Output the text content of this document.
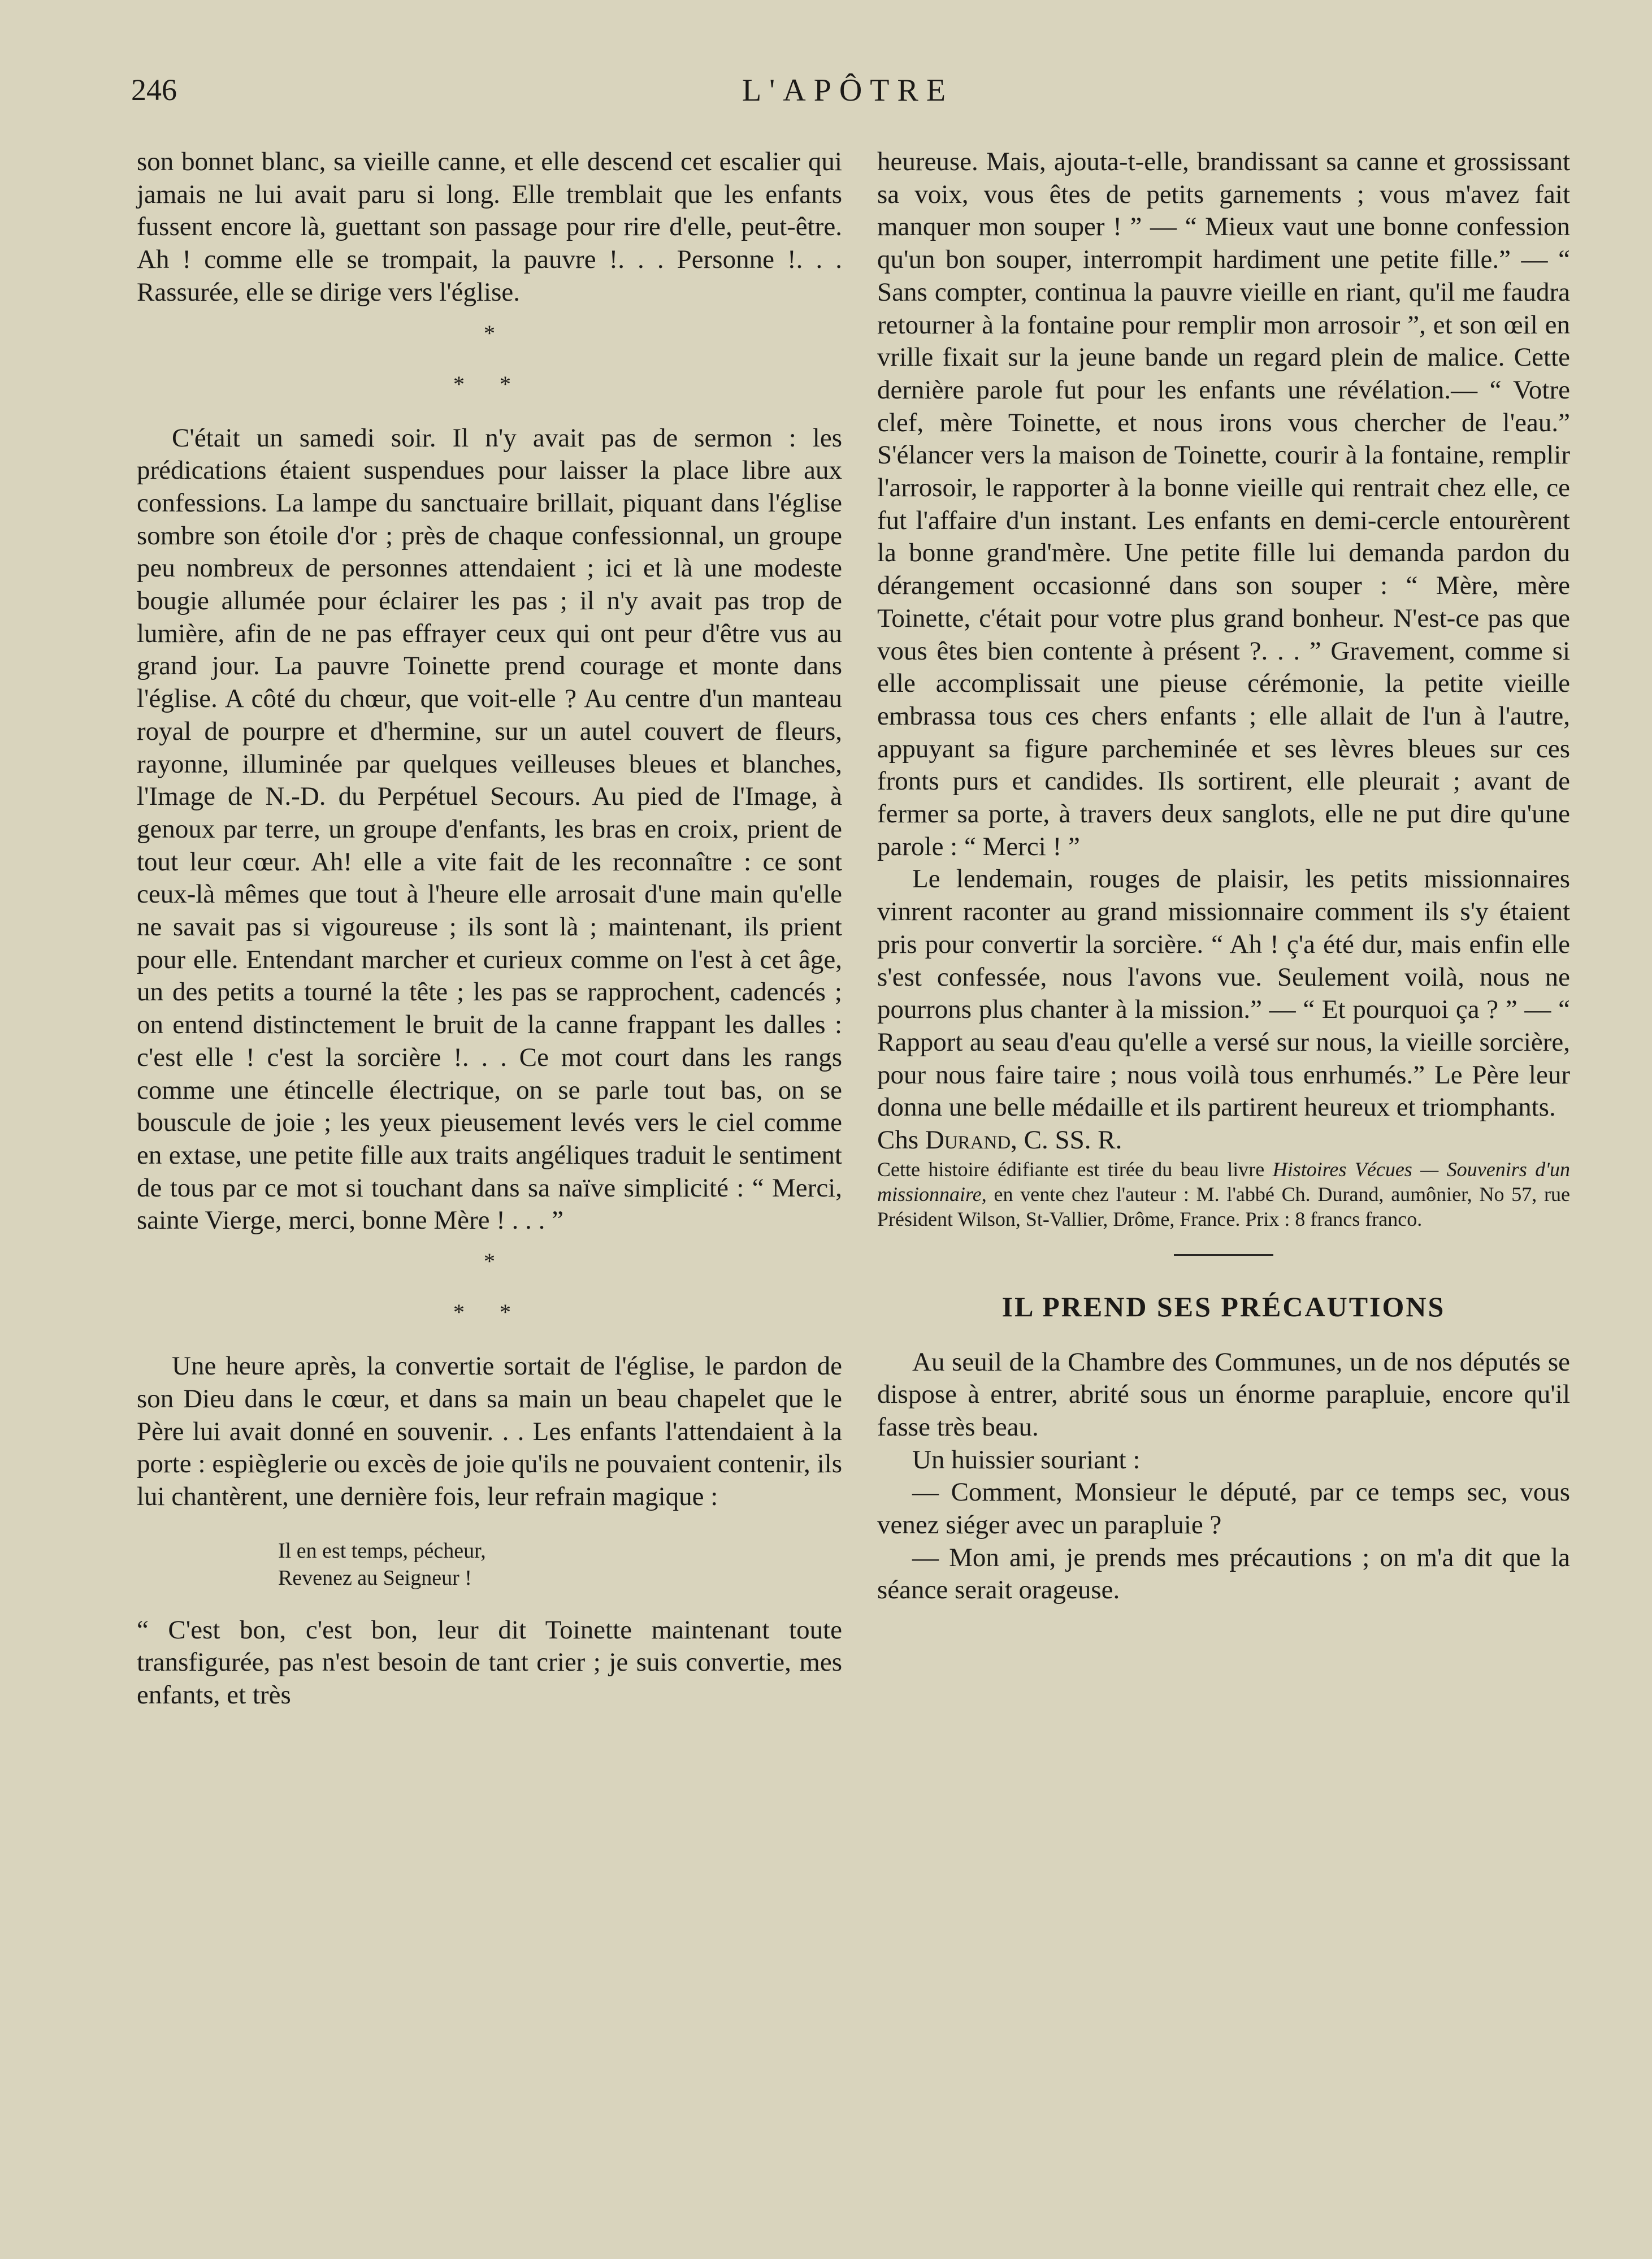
246	L'APÔTRE

son bonnet blanc, sa vieille canne, et elle descend cet escalier qui jamais ne lui avait paru si long. Elle tremblait que les enfants fussent encore là, guettant son passage pour rire d'elle, peut-être. Ah ! comme elle se trompait, la pauvre !. . . Personne !. . . Rassurée, elle se dirige vers l'église.

*
* *

C'était un samedi soir. Il n'y avait pas de sermon : les prédications étaient suspendues pour laisser la place libre aux confessions. La lampe du sanctuaire brillait, piquant dans l'église sombre son étoile d'or ; près de chaque confessionnal, un groupe peu nombreux de personnes attendaient ; ici et là une modeste bougie allumée pour éclairer les pas ; il n'y avait pas trop de lumière, afin de ne pas effrayer ceux qui ont peur d'être vus au grand jour. La pauvre Toinette prend courage et monte dans l'église. A côté du chœur, que voit-elle ? Au centre d'un manteau royal de pourpre et d'hermine, sur un autel couvert de fleurs, rayonne, illuminée par quelques veilleuses bleues et blanches, l'Image de N.-D. du Perpétuel Secours. Au pied de l'Image, à genoux par terre, un groupe d'enfants, les bras en croix, prient de tout leur cœur. Ah! elle a vite fait de les reconnaître : ce sont ceux-là mêmes que tout à l'heure elle arrosait d'une main qu'elle ne savait pas si vigoureuse ; ils sont là ; maintenant, ils prient pour elle. Entendant marcher et curieux comme on l'est à cet âge, un des petits a tourné la tête ; les pas se rapprochent, cadencés ; on entend distinctement le bruit de la canne frappant les dalles : c'est elle ! c'est la sorcière !. . . Ce mot court dans les rangs comme une étincelle électrique, on se parle tout bas, on se bouscule de joie ; les yeux pieusement levés vers le ciel comme en extase, une petite fille aux traits angéliques traduit le sentiment de tous par ce mot si touchant dans sa naïve simplicité : “ Merci, sainte Vierge, merci, bonne Mère ! . . . ”

*
* *

Une heure après, la convertie sortait de l'église, le pardon de son Dieu dans le cœur, et dans sa main un beau chapelet que le Père lui avait donné en souvenir. . . Les enfants l'attendaient à la porte : espièglerie ou excès de joie qu'ils ne pouvaient contenir, ils lui chantèrent, une dernière fois, leur refrain magique :

Il en est temps, pécheur,
Revenez au Seigneur !

“ C'est bon, c'est bon, leur dit Toinette maintenant toute transfigurée, pas n'est besoin de tant crier ; je suis convertie, mes enfants, et très

heureuse. Mais, ajouta-t-elle, brandissant sa canne et grossissant sa voix, vous êtes de petits garnements ; vous m'avez fait manquer mon souper ! ” — “ Mieux vaut une bonne confession qu'un bon souper, interrompit hardiment une petite fille.” — “ Sans compter, continua la pauvre vieille en riant, qu'il me faudra retourner à la fontaine pour remplir mon arrosoir ”, et son œil en vrille fixait sur la jeune bande un regard plein de malice. Cette dernière parole fut pour les enfants une révélation.— “ Votre clef, mère Toinette, et nous irons vous chercher de l'eau.” S'élancer vers la maison de Toinette, courir à la fontaine, remplir l'arrosoir, le rapporter à la bonne vieille qui rentrait chez elle, ce fut l'affaire d'un instant. Les enfants en demi-cercle entourèrent la bonne grand'mère. Une petite fille lui demanda pardon du dérangement occasionné dans son souper : “ Mère, mère Toinette, c'était pour votre plus grand bonheur. N'est-ce pas que vous êtes bien contente à présent ?. . . ” Gravement, comme si elle accomplissait une pieuse cérémonie, la petite vieille embrassa tous ces chers enfants ; elle allait de l'un à l'autre, appuyant sa figure parcheminée et ses lèvres bleues sur ces fronts purs et candides. Ils sortirent, elle pleurait ; avant de fermer sa porte, à travers deux sanglots, elle ne put dire qu'une parole : “ Merci ! ”

Le lendemain, rouges de plaisir, les petits missionnaires vinrent raconter au grand missionnaire comment ils s'y étaient pris pour convertir la sorcière. “ Ah ! ç'a été dur, mais enfin elle s'est confessée, nous l'avons vue. Seulement voilà, nous ne pourrons plus chanter à la mission.” — “ Et pourquoi ça ? ” — “ Rapport au seau d'eau qu'elle a versé sur nous, la vieille sorcière, pour nous faire taire ; nous voilà tous enrhumés.” Le Père leur donna une belle médaille et ils partirent heureux et triomphants.

Chs Durand, C. SS. R.

Cette histoire édifiante est tirée du beau livre Histoires Vécues — Souvenirs d'un missionnaire, en vente chez l'auteur : M. l'abbé Ch. Durand, aumônier, No 57, rue Président Wilson, St-Vallier, Drôme, France. Prix : 8 francs franco.

IL PREND SES PRÉCAUTIONS

Au seuil de la Chambre des Communes, un de nos députés se dispose à entrer, abrité sous un énorme parapluie, encore qu'il fasse très beau.

Un huissier souriant :

— Comment, Monsieur le député, par ce temps sec, vous venez siéger avec un parapluie ?

— Mon ami, je prends mes précautions ; on m'a dit que la séance serait orageuse.
